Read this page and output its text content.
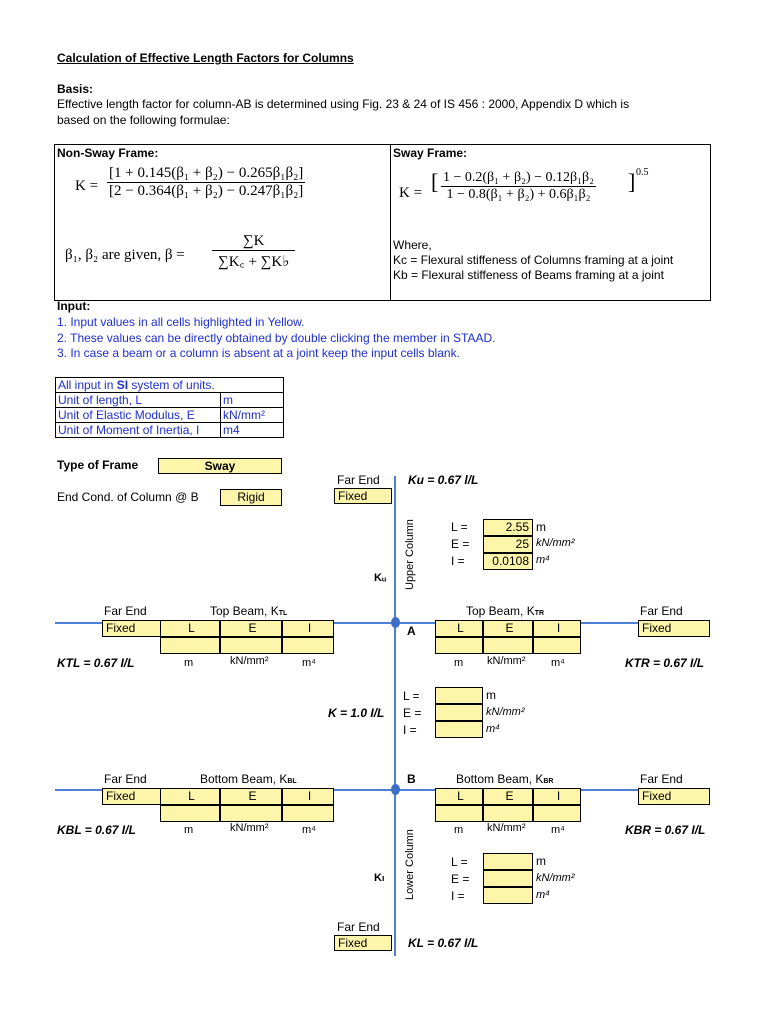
Calculation of Effective Length Factors for Columns
Basis:
Effective length factor for column-AB is determined using Fig. 23 & 24 of IS 456 : 2000, Appendix D which is
based on the following formulae:
Non-Sway Frame:
$K = \frac{\text{[1 + 0.145(β₁ + β₂) − 0.265β₁β₂]}}{\text{[2 − 0.364(β₁ + β₂) − 0.247β₁β₂]}}$
β₁, β₂ are given, $\beta = \frac{\sum K}{\sum K꜀ + \sum K♭}$
Sway Frame:
K = [ $\frac{\text{1 − 0.2(β₁ + β₂) − 0.12β₁β₂}}{\text{1 − 0.8(β₁ + β₂) + 0.6β₁β₂}}$ ] 0.5
Where,
Kc = Flexural stiffeness of Columns framing at a joint
Kb = Flexural stiffeness of Beams framing at a joint
Input:
1. Input values in all cells highlighted in Yellow.
2. These values can be directly obtained by double clicking the member in STAAD.
3. In case a beam or a column is absent at a joint keep the input cells blank.
All input in SI system of units.	
Unit of length, L	m
Unit of Elastic Modulus, E	kN/mm²
Unit of Moment of Inertia, I	m4
Type of Frame	Sway
End Cond. of Column @ B	Rigid
Far End
Fixed
Ku = 0.67 l/L
Upper Column
Kᵤ
L =	2.55 m
E =	25 kN/mm²
I =	0.0108 m⁴
Far End	Top Beam, KTL
Fixed	L	E	I
m	kN/mm²	m⁴
KTL = 0.67 I/L
A
Top Beam, KTR	Far End
L	E	I	Fixed
m kN/mm² m⁴	KTR = 0.67 I/L
L =	m
K = 1.0 I/L E =	kN/mm²
I =	m⁴
Far End	Bottom Beam, KBL
Fixed	L	E	I
m	kN/mm²	m⁴
KBL = 0.67 I/L
B	Bottom Beam, KBR	Far End
L	E	I	Fixed
m kN/mm² m⁴	KBR = 0.67 I/L
Lower Column
Kₗ
L =	m
E =	kN/mm²
I =	m⁴
Far End
Fixed	KL = 0.67 I/L
